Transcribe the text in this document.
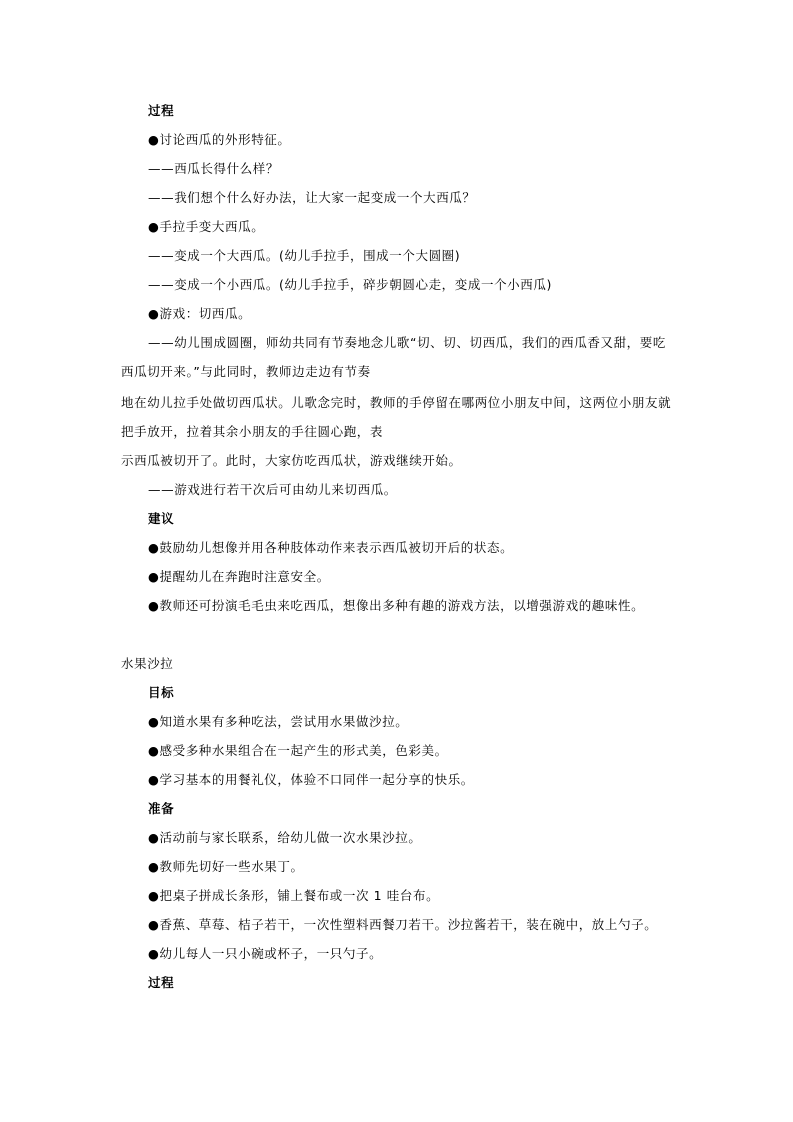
过程
●讨论西瓜的外形特征。
——西瓜长得什么样？
——我们想个什么好办法，让大家一起变成一个大西瓜？
●手拉手变大西瓜。
——变成一个大西瓜。(幼儿手拉手，围成一个大圆圈)
——变成一个小西瓜。(幼儿手拉手，碎步朝圆心走，变成一个小西瓜)
●游戏：切西瓜。
——幼儿围成圆圈，师幼共同有节奏地念儿歌“切、切、切西瓜，我们的西瓜香又甜，要吃
西瓜切开来。”与此同时，教师边走边有节奏
地在幼儿拉手处做切西瓜状。儿歌念完时，教师的手停留在哪两位小朋友中间，这两位小朋友就
把手放开，拉着其余小朋友的手往圆心跑，表
示西瓜被切开了。此时，大家仿吃西瓜状，游戏继续开始。
——游戏进行若干次后可由幼儿来切西瓜。
建议
●鼓励幼儿想像并用各种肢体动作来表示西瓜被切开后的状态。
●提醒幼儿在奔跑时注意安全。
●教师还可扮演毛毛虫来吃西瓜，想像出多种有趣的游戏方法，以增强游戏的趣味性。
水果沙拉
目标
●知道水果有多种吃法，尝试用水果做沙拉。
●感受多种水果组合在一起产生的形式美，色彩美。
●学习基本的用餐礼仪，体验不口同伴一起分享的快乐。
准备
●活动前与家长联系，给幼儿做一次水果沙拉。
●教师先切好一些水果丁。
●把桌子拼成长条形，铺上餐布或一次 1 哇台布。
●香蕉、草莓、桔子若干，一次性塑料西餐刀若干。沙拉酱若干，装在碗中，放上勺子。
●幼儿每人一只小碗或杯子，一只勺子。
过程
